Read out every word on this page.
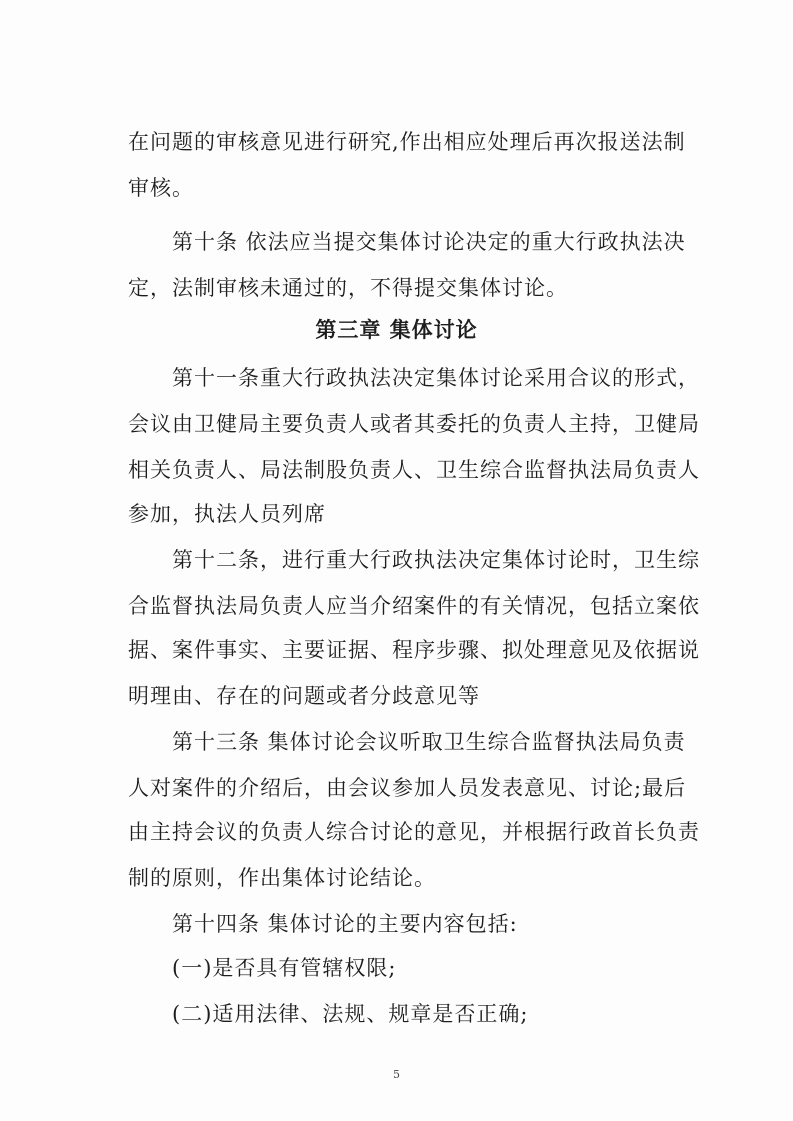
在问题的审核意见进行研究,作出相应处理后再次报送法制
审核。
第十条 依法应当提交集体讨论决定的重大行政执法决
定，法制审核未通过的，不得提交集体讨论。
第三章 集体讨论
第十一条重大行政执法决定集体讨论采用合议的形式，
会议由卫健局主要负责人或者其委托的负责人主持，卫健局
相关负责人、局法制股负责人、卫生综合监督执法局负责人
参加，执法人员列席
第十二条，进行重大行政执法决定集体讨论时，卫生综
合监督执法局负责人应当介绍案件的有关情况，包括立案依
据、案件事实、主要证据、程序步骤、拟处理意见及依据说
明理由、存在的问题或者分歧意见等
第十三条 集体讨论会议听取卫生综合监督执法局负责
人对案件的介绍后，由会议参加人员发表意见、讨论;最后
由主持会议的负责人综合讨论的意见，并根据行政首长负责
制的原则，作出集体讨论结论。
第十四条 集体讨论的主要内容包括:
(一)是否具有管辖权限;
(二)适用法律、法规、规章是否正确;
5
